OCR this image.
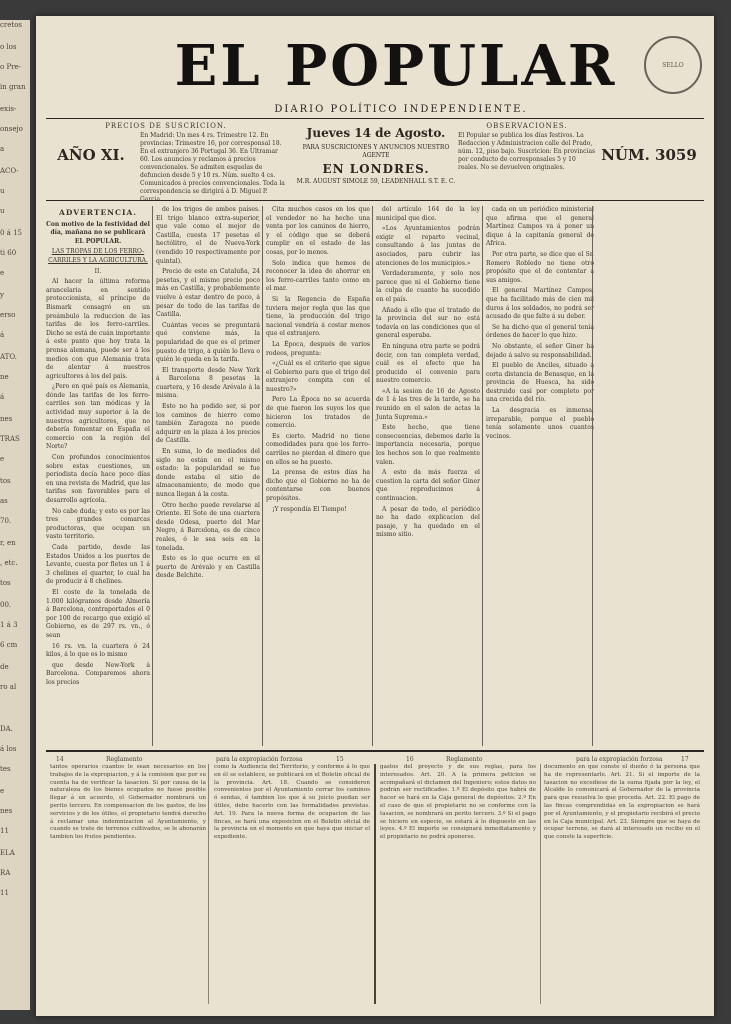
cretos
o los
o Pre-
in gran
exis-
onsejo
a
ACO-
u
u
0 á 15
ti 60
e
y
erso
á
ATO.
ne
á
nes
TRAS
e
tos
as
70.
r, en
, etc.
tos
00.
1 á 3
6 cm
de
ro al

DA.
á los
tes
e
nes
11
ELA
RA
11
EL POPULAR
DIARIO POLÍTICO INDEPENDIENTE.
SELLO
PRECIOS DE SUSCRICION.
En Madrid: Un mes 4 rs. Trimestre 12. En provincias: Trimestre 16, por corresponsal 18. En el extranjero 36 Portugal 36. En Ultramar 60. Los anuncios y reclamos á precios convencionales. Se admiten esquelas de defuncion desde 5 y 10 rs. Núm. suelto 4 cs.
Comunicados á precios convencionales. Toda la correspondencia se dirigirá á D. Miguel P. Garcia.
AÑO XI.
Jueves 14 de Agosto.
PARA SUSCRICIONES Y ANUNCIOS NUESTRO AGENTE
EN LONDRES.
M.R. AUGUST SIMOLE 59, LEADENHALL S.T. E. C.
OBSERVACIONES.
El Popular se publica los días festivos. La Redaccion y Administracion calle del Prado, núm. 12, piso bajo. Suscricion: En provincias por conducto de corresponsales 5 y 10 reales. No se devuelven originales.
NÚM. 3059
ADVERTENCIA.
Con motivo de la festividad del día, mañana no se publicará EL POPULAR.
LAS TROPAS DE LOS FERRO-CARRILES Y LA AGRICULTURA.
II.

Al hacer la última reforma arancelaria en sentido proteccionista, el príncipe de Bismark consagró en un preámbulo la reduccion de las tarifas de los ferro-carriles. Dicho se está de cuán importante á este punto que hoy trata la prensa alemana, puede ser á los medios con que Alemania trata de alentar á nuestros agricultores á los del país.

¿Pero en qué país es Alemania, dónde las tarifas de los ferro-carriles son tan módicas y la actividad muy superior á la de nuestros agricultores, que no debería fomentar en España el comercio con la región del Norte?

Con profundos conocimientos sobre estas cuestiones, un periodista decía hace poco días en una revista de Madrid, que las tarifas son favorables para el desarrollo agrícola.

No cabe duda; y esto es por las tres grandes comarcas productoras, que ocupan un vasto territorio.

Cada partido, desde las Estados Unidos a los puertos de Levante, cuesta por fletes un 1 á 3 chelines el quarter, lo cual ha de producir á 8 chelines.

El coste de la tonelada de 1.000 kilógramos desde Almería á Barcelona, contraportados el 0 por 100 de recargo que exigió el Gobierno, es de 297 rs. vn., ó sean

16 rs. vn. la cuartera ó 24 kilos, á lo que es lo mismo

que desde New-York á Barcelona. Comparemos ahora los precios

de los trigos de ambos países. El trigo blanco extra-superior, que vale como el mejor de Castilla, cuesta 17 pesetas el hectólitro, el de Nueva-York (vendido 10 respectivamente por quintal).

Precio de este en Cataluña, 24 pesetas, y el mismo precio poco más en Castilla, y probablemente vuelve á estar dentro de poco, á pesar de todo de las tarifas de Castilla.

Cuántas veces se preguntará qué conviene más, la popularidad de que es el primer puesto de trigo, á quién lo lleva o quién le queda en la tarifa.

El transporte desde New York á Barcelona 8 pesetas la cuartera, y 16 desde Arévalo á la misma.

Esto no ha podido ser, si por los caminos de hierro como también Zaragoza no puede adquirir en la plaza á los precios de Castilla.

En suma, lo de mediados del siglo no están en el mismo estado: la popularidad se fue donde estaba el sitio de almacenamiento, de modo que nunca llegan á la costa.

Otro hecho puede revelarse al Oriente. El Sote de una cuartera desde Odesa, puerto del Mar Negro, á Barcelona, es de cinco reales, ó le sea seis en la tonelada.

Esto es lo que ocurre en el puerto de Arévalo y en Castilla desde Belchite.

Cita muchos casos en los que el vendedor no ha hecho una venta por los caminos de hierro, y el código que se deberá cumplir en el estado de las cosas, por lo menos.

Solo indica que hemos de reconocer la idea de ahorrar en los ferro-carriles tanto como en el mar.

Si la Regencia de España tuviera mejor regla que las que tiene, la producción del trigo nacional vendría á costar menos que el extranjero.

La Época, después de varios rodeos, pregunta:

«¿Cuál es el criterio que sigue el Gobierno para que el trigo del extranjero compita con el nuestro?»

Pero La Época no se acuerda de que fueron los suyos los que hicieron los tratados de comercio.

Es cierto. Madrid no tiene comodidades para que los ferro-carriles no pierdan el dinero que en ellos se ha puesto.

La prensa de estos días ha dicho que el Gobierno no ha de contentarse con buenos propósitos.

¡Y respondía El Tiempo!

del artículo 164 de la ley municipal que dice.

«Los Ayuntamientos podrán exigir el reparto vecinal, consultando á las juntas de asociados, para cubrir las atenciones de los municipios.»

Verdaderamente, y solo nos parece que ni el Gobierno tiene la culpa de cuanto ha sucedido en el país.

Añado á ello que el tratado de la provincia del sur no está todavía en las condiciones que el general esperaba.

En ninguna otra parte se podrá decir, con tan completa verdad, cuál es el efecto que ha producido el convenio para nuestro comercio.

«A la sesion de 16 de Agosto de 1 á las tres de la tarde, se ha reunido en el salon de actas la Junta Suprema.»

Este hecho, que tiene consecuencias, debemos darle la importancia necesaria, porque los hechos son lo que realmente valen.

A esto da más fuerza el cuestion la carta del señor Giner que reproducimos á continuacion.

A pesar de todo, el periódico no ha dado explicacion del pasaje, y ha quedado en el mismo sitio.

cada en un periódico ministerial que afirma que el general Martínez Campos va á poner un dique á la capitanía general de Africa.

Por otra parte, se dice que el Sr. Romero Robledo no tiene otro propósito que el de contentar á sus amigos.

El general Martínez Campos, que ha facilitado más de cien mil duros á los soldados, no podrá ser acusado de que falte á su deber.

Se ha dicho que el general tenía órdenes de hacer lo que hizo.

No obstante, el señor Giner ha dejado á salvo su responsabilidad.

El pueblo de Anciles, situado á corta distancia de Benasque, en la provincia de Huesca, ha sido destruido casi por completo por una crecida del río.

La desgracia es inmensa, irreparable, porque el pueblo tenía solamente unos cuantos vecinos.

14	Reglamento	para la expropiación forzosa	15	16	Reglamento	para la expropiación forzosa	17
tantos operarios cuantos le sean necesarios en los trabajos de la expropiacion, y á la comision que por su cuenta ha de verificar la tasacion. Si por causa de la naturaleza de los bienes ocupados no fuese posible llegar á un acuerdo, el Gobernador nombrará un perito tercero. En compensacion de los gastos, de los servicios y de los útiles, el propietario tendrá derecho á reclamar una indemnizacion al Ayuntamiento, y cuando se trate de terrenos cultivados, se le abonarán tambien los frutos pendientes.
como la Audiencia del Territorio, y conforme á lo que en él se establece, se publicará en el Boletin oficial de la provincia. Art. 18. Cuando se consideren convenientes por el Ayuntamiento cerrar los caminos ó sendas, ó tambien los que á su juicio puedan ser útiles, debe hacerlo con las formalidades previstas. Art. 19. Para la nueva forma de ocupacion de las fincas, se hará una exposicion en el Boletin oficial de la provincia en el momento en que haya que iniciar el expediente.
gastos del proyecto y de sus reglas, para los interesados. Art. 20. A la primera peticion se acompañará el dictamen del Ingeniero; estos datos no podrán ser rectificados. 1.º El depósito que habrá de hacer se hará en la Caja general de depósitos. 2.º En el caso de que el propietario no se conforme con la tasacion, se nombrará un perito tercero. 3.º Si el pago se hiciere en especie, se estará á lo dispuesto en las leyes. 4.º El importe se consignará inmediatamente y el propietario no podrá oponerse.
documento en que conste el dueño ó la persona que ha de representarle. Art. 21. Si el importe de la tasacion no excediese de la suma fijada por la ley, el Alcalde lo comunicará al Gobernador de la provincia para que resuelva lo que proceda. Art. 22. El pago de las fincas comprendidas en la expropiacion se hará por el Ayuntamiento, y el propietario recibirá el precio en la Caja municipal. Art. 23. Siempre que se haya de ocupar terreno, se dará al interesado un recibo en el que conste la superficie.
